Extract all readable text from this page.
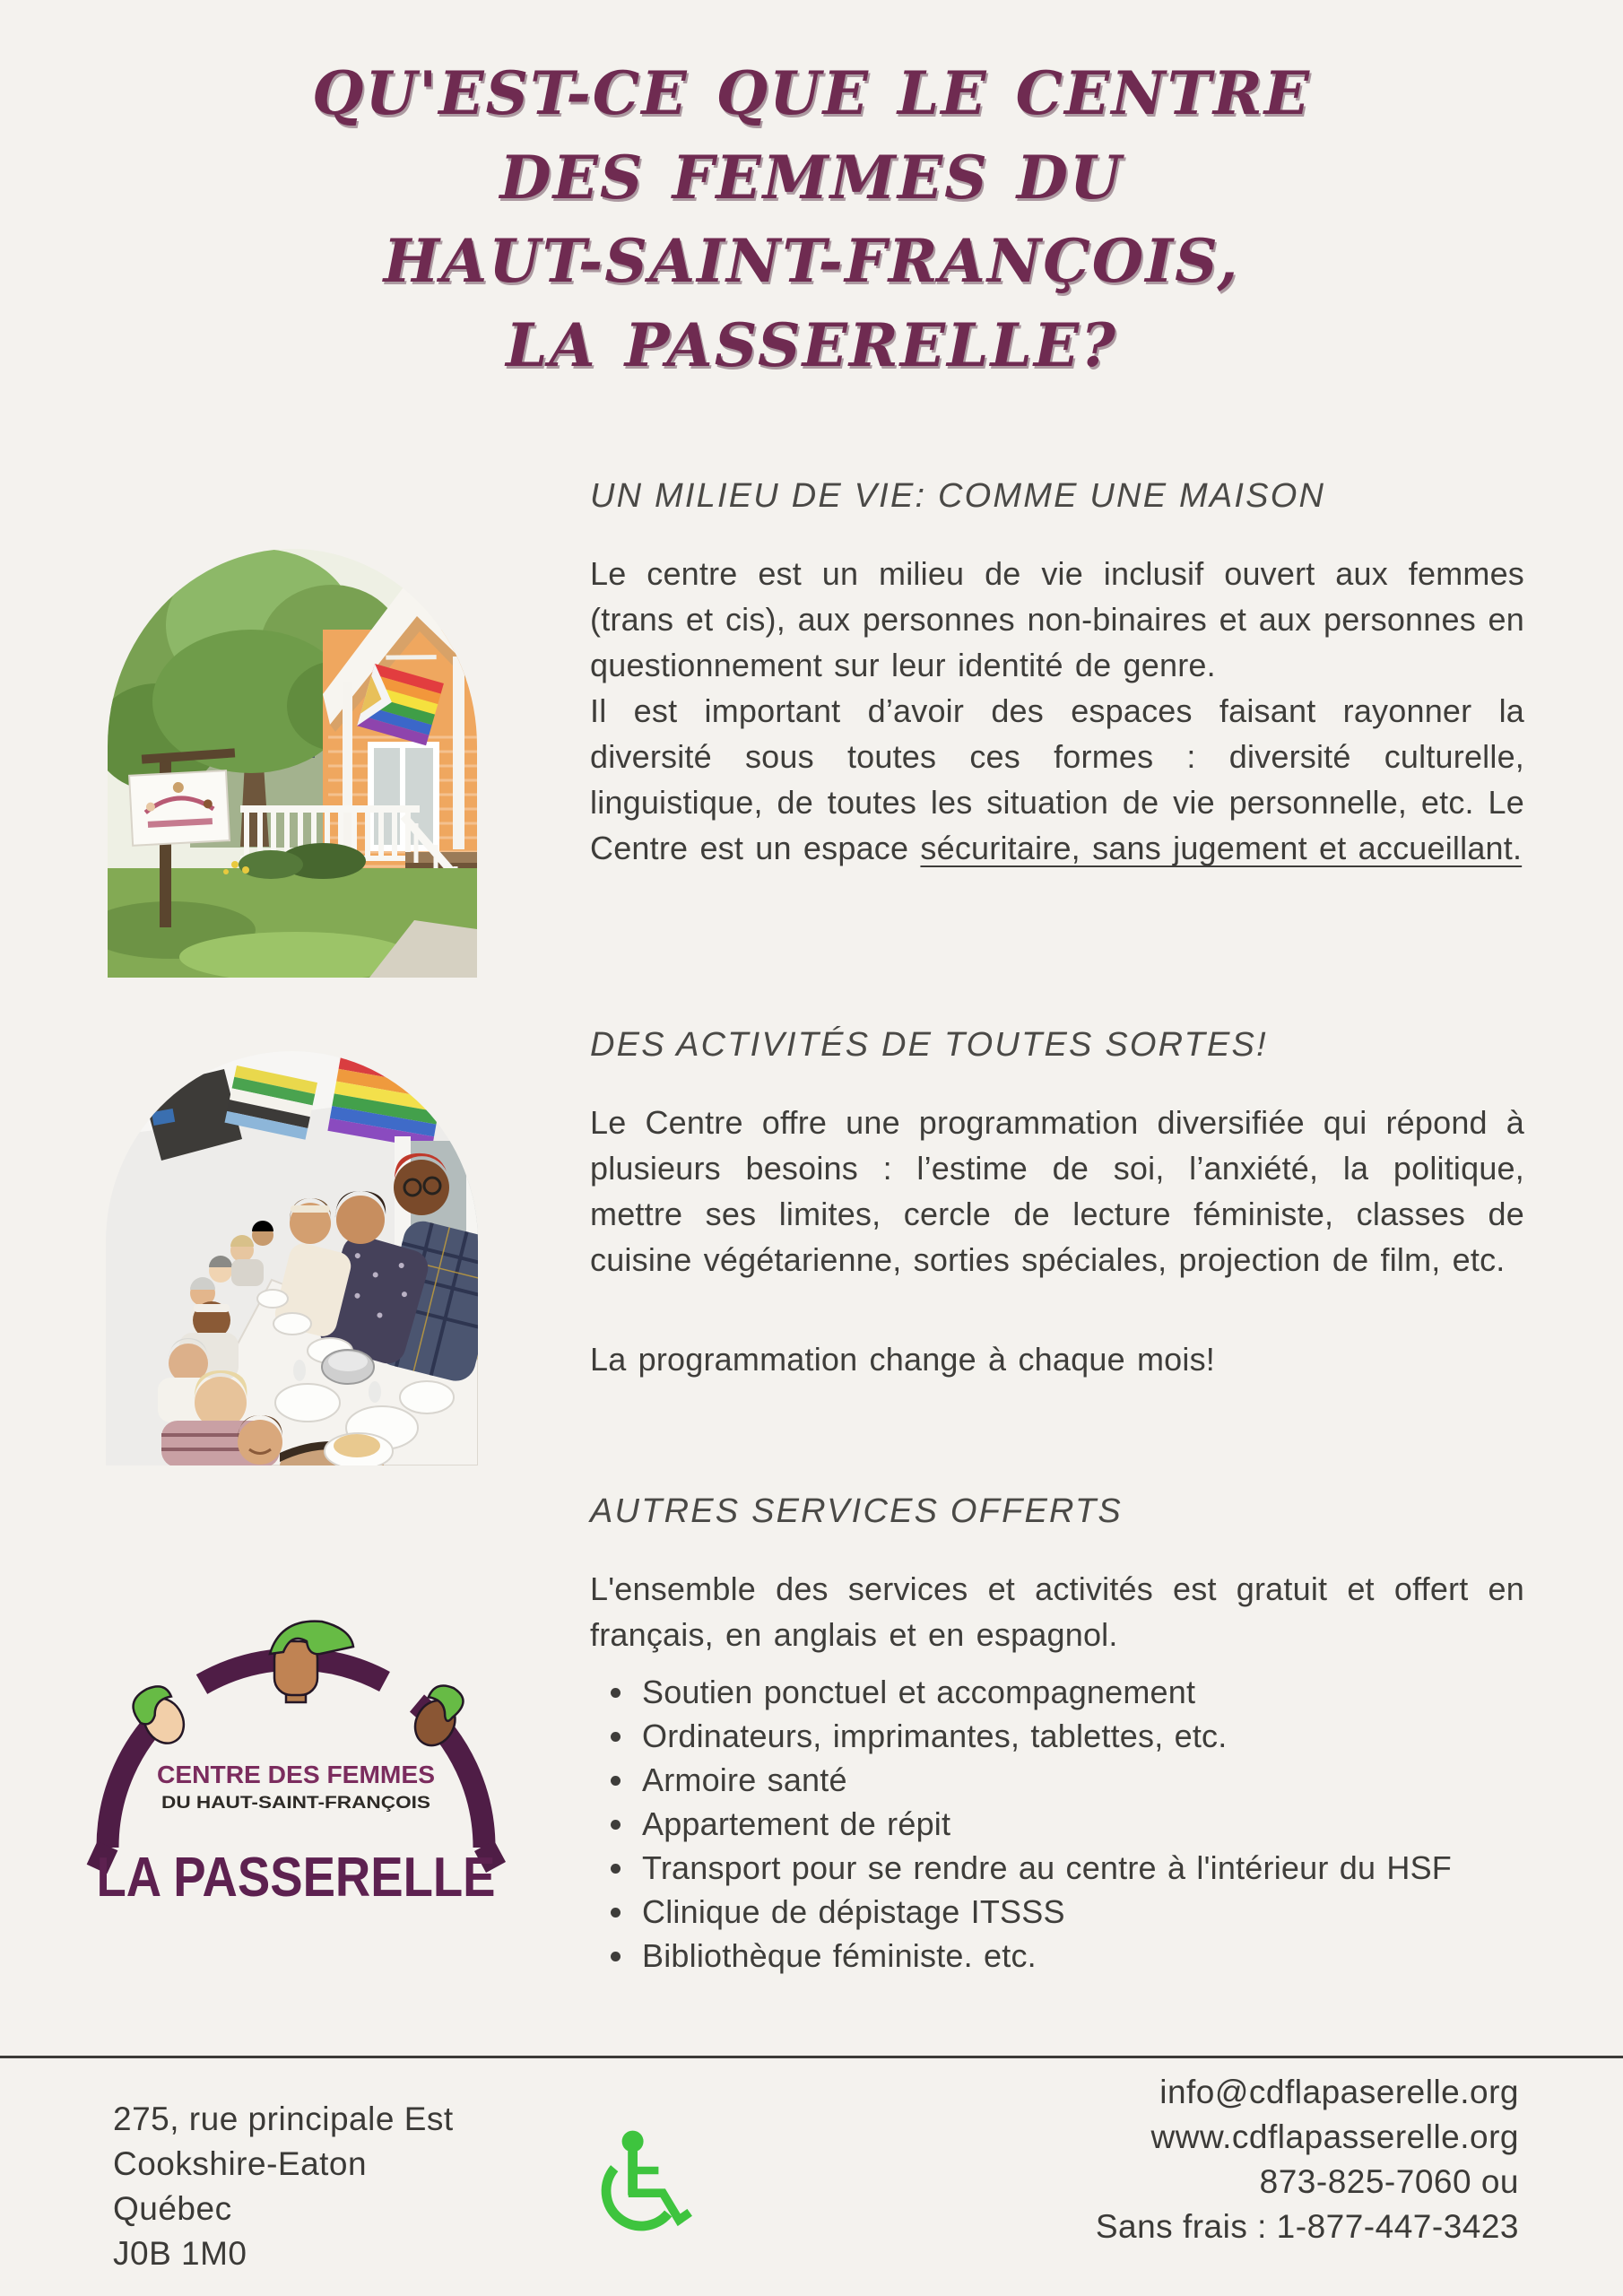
QU'EST-CE QUE LE CENTRE
DES FEMMES DU
HAUT-SAINT-FRANÇOIS,
LA PASSERELLE?
CENTRE DES FEMMES
DU HAUT-SAINT-FRANÇOIS
LA PASSERELLE
UN MILIEU DE VIE: COMME UNE MAISON

Le centre est un milieu de vie inclusif ouvert aux femmes (trans et cis), aux personnes non-binaires et aux personnes en questionnement sur leur identité de genre.

Il est important d’avoir des espaces faisant rayonner la diversité sous toutes ces formes : diversité culturelle, linguistique, de toutes les situation de vie personnelle, etc. Le Centre est un espace sécuritaire, sans jugement et accueillant.

DES ACTIVITÉS DE TOUTES SORTES!

Le Centre offre une programmation diversifiée qui répond à plusieurs besoins : l’estime de soi, l’anxiété, la politique, mettre ses limites, cercle de lecture féministe, classes de cuisine végétarienne, sorties spéciales, projection de film, etc.

La programmation change à chaque mois!

AUTRES SERVICES OFFERTS

L'ensemble des services et activités est gratuit et offert en français, en anglais et en espagnol.

• Soutien ponctuel et accompagnement
• Ordinateurs, imprimantes, tablettes, etc.
• Armoire santé
• Appartement de répit
• Transport pour se rendre au centre à l'intérieur du HSF
• Clinique de dépistage ITSSS
• Bibliothèque féministe. etc.
275, rue principale Est
Cookshire-Eaton
Québec
J0B 1M0
info@cdflapaserelle.org
www.cdflapasserelle.org
873-825-7060 ou
Sans frais : 1-877-447-3423
